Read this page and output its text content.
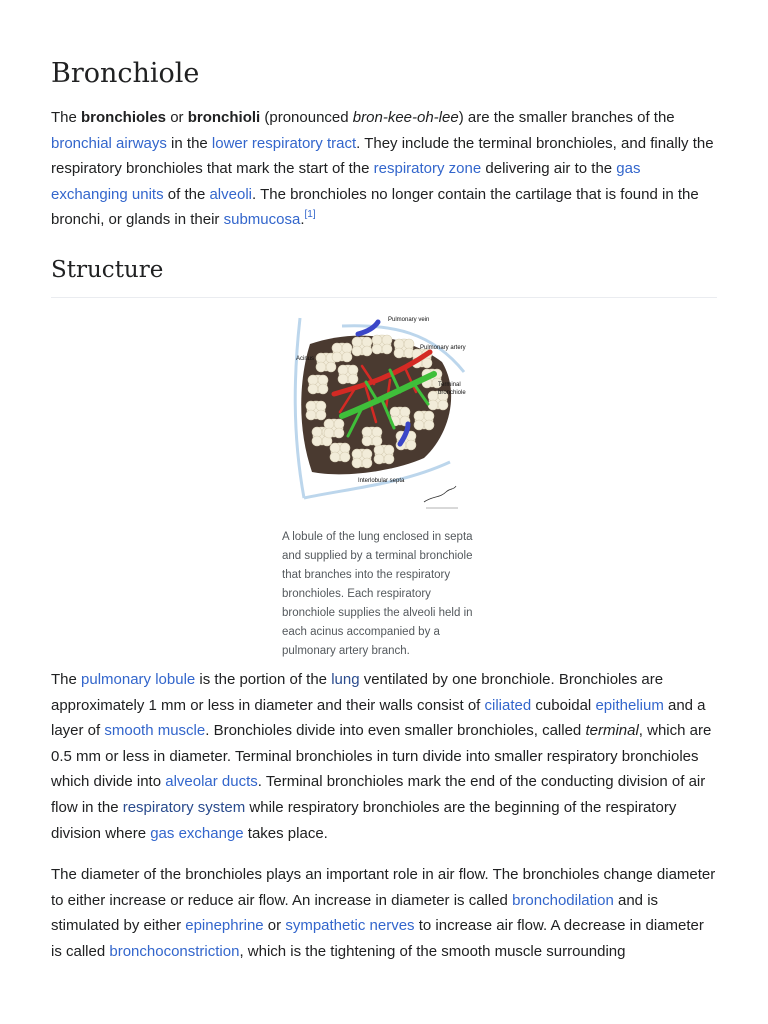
Bronchiole

The bronchioles or bronchioli (pronounced bron-kee-oh-lee) are the smaller branches of the bronchial airways in the lower respiratory tract. They include the terminal bronchioles, and finally the respiratory bronchioles that mark the start of the respiratory zone delivering air to the gas exchanging units of the alveoli. The bronchioles no longer contain the cartilage that is found in the bronchi, or glands in their submucosa.[1]

Structure
Pulmonary vein
Pulmonary artery
Acinus
Terminal
bronchiole
Interlobular septa
A lobule of the lung enclosed in septa and supplied by a terminal bronchiole that branches into the respiratory bronchioles. Each respiratory bronchiole supplies the alveoli held in each acinus accompanied by a pulmonary artery branch.

The pulmonary lobule is the portion of the lung ventilated by one bronchiole. Bronchioles are approximately 1 mm or less in diameter and their walls consist of ciliated cuboidal epithelium and a layer of smooth muscle. Bronchioles divide into even smaller bronchioles, called terminal, which are 0.5 mm or less in diameter. Terminal bronchioles in turn divide into smaller respiratory bronchioles which divide into alveolar ducts. Terminal bronchioles mark the end of the conducting division of air flow in the respiratory system while respiratory bronchioles are the beginning of the respiratory division where gas exchange takes place.

The diameter of the bronchioles plays an important role in air flow. The bronchioles change diameter to either increase or reduce air flow. An increase in diameter is called bronchodilation and is stimulated by either epinephrine or sympathetic nerves to increase air flow. A decrease in diameter is called bronchoconstriction, which is the tightening of the smooth muscle surrounding
